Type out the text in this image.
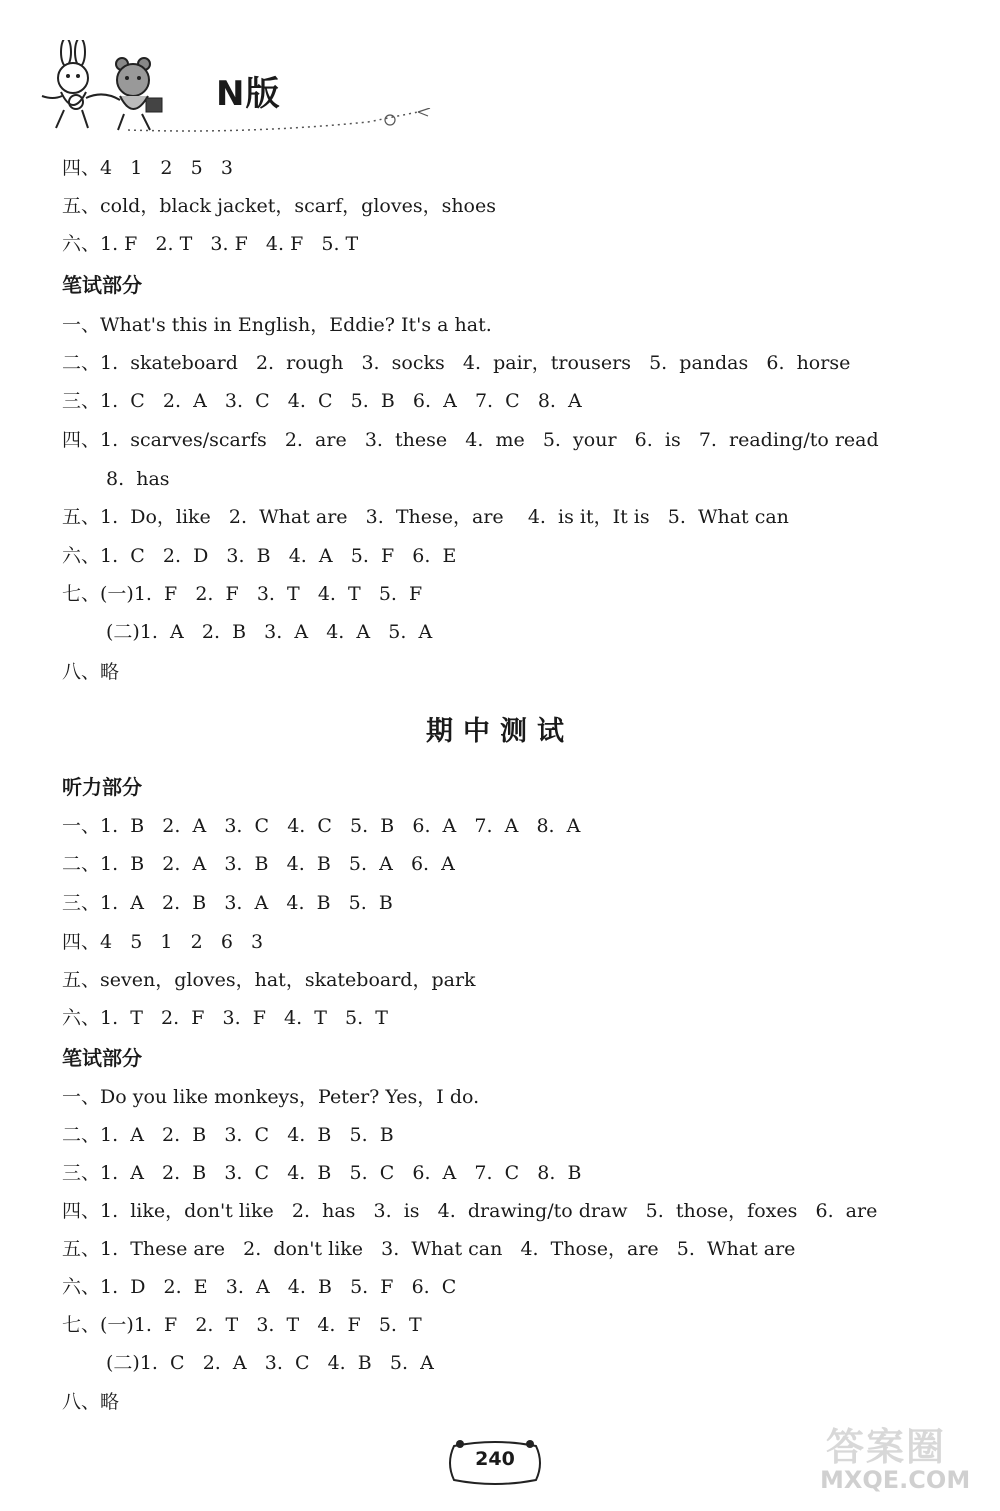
N版
四、4   1   2   5   3
五、cold，black jacket，scarf，gloves，shoes
六、1. F   2. T   3. F   4. F   5. T
笔试部分
一、What's this in English，Eddie? It's a hat.
二、1.  skateboard   2.  rough   3.  socks   4.  pair，trousers   5.  pandas   6.  horse
三、1.  C   2.  A   3.  C   4.  C   5.  B   6.  A   7.  C   8.  A
四、1.  scarves/scarfs   2.  are   3.  these   4.  me   5.  your   6.  is   7.  reading/to read
8.  has
五、1.  Do，like   2.  What are   3.  These，are    4.  is it，It is   5.  What can
六、1.  C   2.  D   3.  B   4.  A   5.  F   6.  E
七、(一)1.  F   2.  F   3.  T   4.  T   5.  F
(二)1.  A   2.  B   3.  A   4.  A   5.  A
八、略
期中测试
听力部分
一、1.  B   2.  A   3.  C   4.  C   5.  B   6.  A   7.  A   8.  A
二、1.  B   2.  A   3.  B   4.  B   5.  A   6.  A
三、1.  A   2.  B   3.  A   4.  B   5.  B
四、4   5   1   2   6   3
五、seven，gloves，hat，skateboard，park
六、1.  T   2.  F   3.  F   4.  T   5.  T
笔试部分
一、Do you like monkeys，Peter? Yes，I do.
二、1.  A   2.  B   3.  C   4.  B   5.  B
三、1.  A   2.  B   3.  C   4.  B   5.  C   6.  A   7.  C   8.  B
四、1.  like，don't like   2.  has   3.  is   4.  drawing/to draw   5.  those，foxes   6.  are
五、1.  These are   2.  don't like   3.  What can   4.  Those，are   5.  What are
六、1.  D   2.  E   3.  A   4.  B   5.  F   6.  C
七、(一)1.  F   2.  T   3.  T   4.  F   5.  T
(二)1.  C   2.  A   3.  C   4.  B   5.  A
八、略
240	答案圈
MXQE.COM
